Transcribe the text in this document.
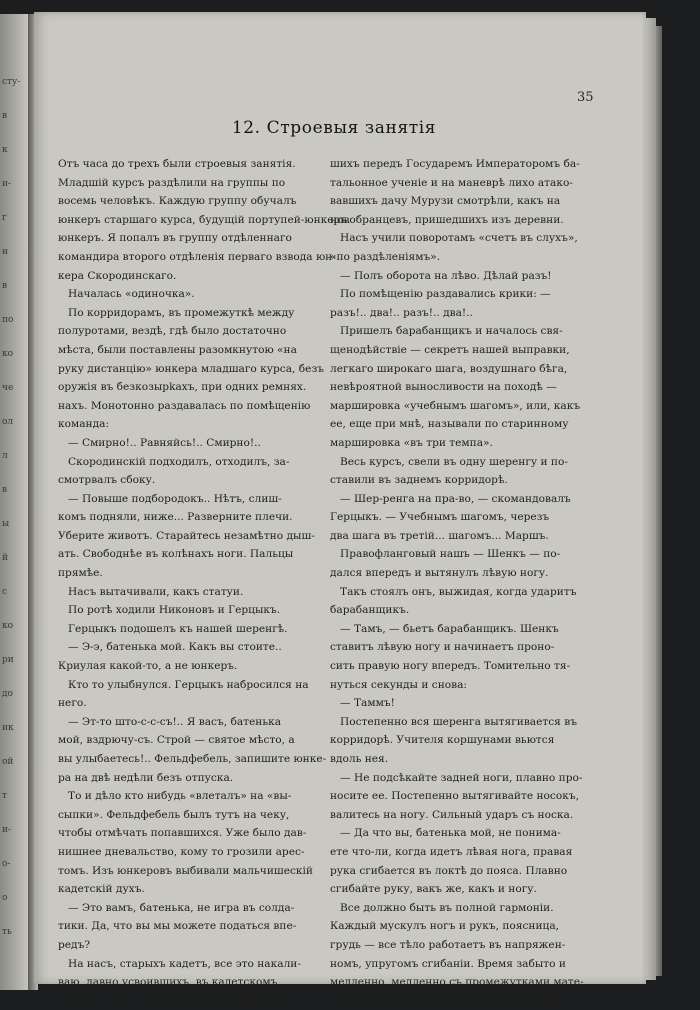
сту-
в
к
и-
г
н
в
по
ко
че
ол
л
в
ы
й
с
ко
ри
до
ик
ой
т
и-
о-
о
ть
35
12. Строевыя занятія
Отъ часа до трехъ были строевыя занятія.
Младшій курсъ раздѣлили на группы по
восемь человѣкъ. Каждую группу обучалъ
юнкеръ старшаго курса, будущій портупей-юнкеръ.
юнкеръ. Я попалъ въ группу отдѣленнаго
командира второго отдѣленія перваго взвода юн-
кера Скородинскаго.
Началась «одиночка».
По корридорамъ, въ промежуткѣ между
полуротами, вездѣ, гдѣ было достаточно
мѣста, были поставлены разомкнутою «на
руку дистанцію» юнкера младшаго курса, безъ
оружія въ безкозырkахъ, при одних ремнях.
нахъ. Монотонно раздавалась по помѣщенію
команда:
— Смирно!.. Равняйсь!.. Смирно!..
Скородинскій подходилъ, отходилъ, за-
смотрвалъ сбоку.
— Повыше подбородокъ.. Нѣтъ, слиш-
комъ подняли, ниже... Разверните плечи.
Уберите животъ. Старайтесь незамѣтно дыш-
ать. Свободнѣе въ колѣнахъ ноги. Пальцы
прямѣе.
Насъ вытачивали, какъ статуи.
По ротѣ ходили Никоновъ и Герцыкъ.
Герцыкъ подошелъ къ нашей шеренгѣ.
— Э-э, батенька мой. Какъ вы стоите..
Криулая какой-то, а не юнкеръ.
Кто то улыбнулся. Герцыкъ набросился на
него.
— Эт-то што-с-с-съ!.. Я васъ, батенька
мой, вздрючу-съ. Строй — святое мѣсто, а
вы улыбаетесь!.. Фельдфебель, запишите юнке-
ра на двѣ недѣли безъ отпуска.
То и дѣло кто нибудь «влеталъ» на «вы-
сыпки». Фельдфебель былъ тутъ на чеку,
чтобы отмѣчать попавшихся. Уже было дав-
нишнее дневальство, кому то грозили арес-
томъ. Изъ юнкеровъ выбивали мальчишескій
кадетскій духъ.
— Это вамъ, батенька, не игра въ солда-
тики. Да, что вы мы можете податься впе-
редъ?
На насъ, старыхъ кадетъ, все это накали-
ваю, давно усвоившихъ, въ кадетскомъ
лагерѣ, въ Петергофѣ, лѣтомъ, проѣзжав-
шихъ передъ Государемъ Императоромъ ба-
тальонное ученіе и на маневрѣ лихо атако-
вавшихъ дачу Мурузи смотрѣли, какъ на
новобранцевъ, пришедшихъ изъ деревни.
Насъ учили поворотамъ «счетъ въ слухъ»,
«по раздѣленіямъ».
— Полъ оборота на лѣво. Дѣлай разъ!
По помѣщенію раздавались крики: —
разъ!.. два!.. разъ!.. два!..
Пришелъ барабанщикъ и началось свя-
щенодѣйствіе — секретъ нашей выправки,
легкаго широкаго шага, воздушнаго бѣга,
невѣроятной выносливости на походѣ —
маршировка «учебнымъ шагомъ», или, какъ
ее, еще при мнѣ, называли по старинному
маршировка «въ три темпа».
Весь курсъ, свели въ одну шеренгу и по-
ставили въ заднемъ корридорѣ.
— Шер-ренга на пра-во, — скомандовалъ
Герцыкъ. — Учебнымъ шагомъ, черезъ
два шага въ третій... шагомъ... Маршъ.
Правофланговый нашъ — Шенкъ — по-
дался впередъ и вытянулъ лѣвую ногу.
Такъ стоялъ онъ, выжидая, когда ударитъ
барабанщикъ.
— Тамъ, — бьетъ барабанщикъ. Шенкъ
ставитъ лѣвую ногу и начинаетъ проно-
сить правую ногу впередъ. Томительно тя-
нуться секунды и снова:
— Таммъ!
Постепенно вся шеренга вытягивается въ
корридорѣ. Учителя коршунами вьются
вдоль нея.
— Не подсѣкайте задней ноги, плавно про-
носите ее. Постепенно вытягивайте носокъ,
валитесь на ногу. Сильный ударъ съ носка.
— Да что вы, батенька мой, не понима-
ете что-ли, когда идетъ лѣвая нога, правая
рука сгибается въ локтѣ до пояса. Плавно
сгибайте руку, вакъ же, какъ и ногу.
Все должно быть въ полной гармоніи.
Каждый мускулъ ногъ и рукъ, поясница,
грудь — все тѣло работаетъ въ напряжен-
номъ, упругомъ сгибаніи. Время забыто и
медленно, медленно съ промежутками мате-
матически точными бьетъ прикомандиро-
